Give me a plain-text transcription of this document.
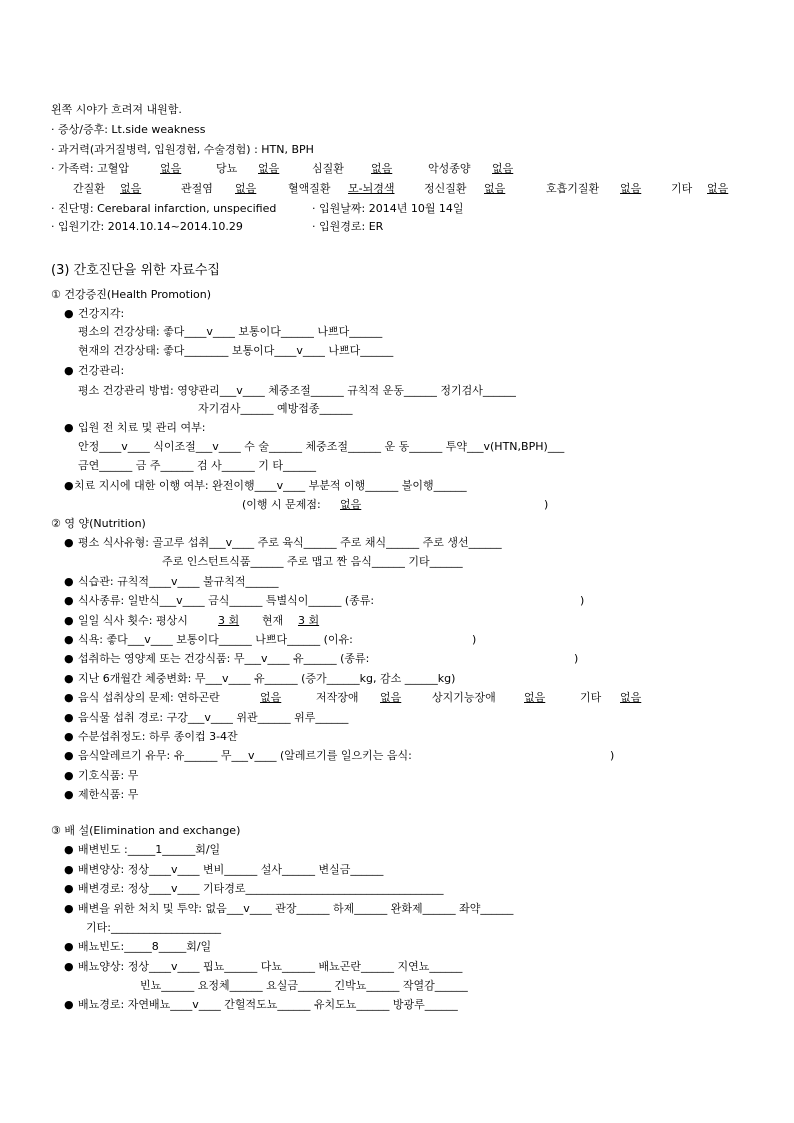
왼쪽 시야가 흐려져 내원함.
· 증상/증후: Lt.side weakness
· 과거력(과거질병력, 입원경험, 수술경험) : HTN, BPH
· 가족력: 고혈압	없음	당뇨	없음	심질환	없음	악성종양	없음
간질환	없음	관절염	없음	혈액질환	모-뇌경색	정신질환	없음	호흡기질환	없음	기타	없음
· 진단명: Cerebaral infarction, unspecified	· 입원날짜: 2014년 10월 14일
· 입원기간: 2014.10.14~2014.10.29	· 입원경로: ER
(3) 간호진단을 위한 자료수집
① 건강증진(Health Promotion)
● 건강지각:
평소의 건강상태: 좋다____v____ 보통이다______ 나쁘다______
현재의 건강상태: 좋다________ 보통이다____v____ 나쁘다______
● 건강관리:
평소 건강관리 방법: 영양관리___v____ 체중조절______ 규칙적 운동______ 정기검사______
자기검사______ 예방접종______
● 입원 전 치료 및 관리 여부:
안정____v____ 식이조절___v____ 수 술______ 체중조절______ 운 동______ 투약___v(HTN,BPH)___
금연______ 금 주______ 검 사______ 기 타______
● 치료 지시에 대한 이행 여부: 완전이행____v____ 부분적 이행______ 불이행______
(이행 시 문제점:	없음	)
② 영 양(Nutrition)
● 평소 식사유형: 골고루 섭취___v____ 주로 육식______ 주로 채식______ 주로 생선______
주로 인스턴트식품______ 주로 맵고 짠 음식______ 기타______
● 식습관: 규칙적____v____ 불규칙적______
● 식사종류: 일반식___v____ 금식______ 특별식이______ (종류:	)
● 일일 식사 횟수: 평상시	3 회	현재	3 회
● 식욕: 좋다___v____ 보통이다______ 나쁘다______ (이유:	)
● 섭취하는 영양제 또는 건강식품: 무___v____ 유______ (종류:	)
● 지난 6개월간 체중변화: 무___v____ 유______ (증가______kg, 감소 ______kg)
● 음식 섭취상의 문제: 연하곤란	없음	저작장애	없음	상지기능장애	없음	기타	없음
● 음식물 섭취 경로: 구강___v____ 위관______ 위루______
● 수분섭취정도: 하루 종이컵 3-4잔
● 음식알레르기 유무: 유______ 무___v____ (알레르기를 일으키는 음식:	)
● 기호식품: 무
● 제한식품: 무
③ 배 설(Elimination and exchange)
● 배변빈도 :_____1______회/일
● 배변양상: 정상____v____ 변비______ 설사______ 변실금______
● 배변경로: 정상____v____ 기타경로____________________________________
● 배변을 위한 처치 및 투약: 없음___v____ 관장______ 하제______ 완화제______ 좌약______
기타:____________________
● 배뇨빈도:_____8_____회/일
● 배뇨양상: 정상____v____ 핍뇨______ 다뇨______ 배뇨곤란______ 지연뇨______
빈뇨______ 요정체______ 요실금______ 긴박뇨______ 작열감______
● 배뇨경로: 자연배뇨____v____ 간헐적도뇨______ 유치도뇨______ 방광루______
